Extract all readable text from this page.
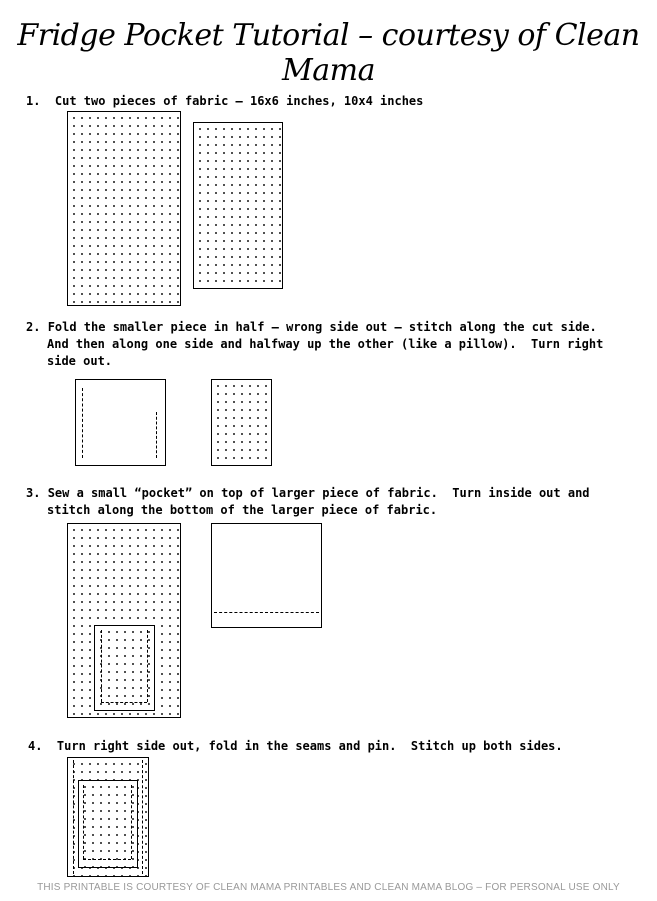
Fridge Pocket Tutorial – courtesy of Clean Mama
1. Cut two pieces of fabric – 16x6 inches, 10x4 inches
2. Fold the smaller piece in half – wrong side out – stitch along the cut side.
And then along one side and halfway up the other (like a pillow).  Turn right
side out.
3. Sew a small “pocket” on top of larger piece of fabric.  Turn inside out and
stitch along the bottom of the larger piece of fabric.
4. Turn right side out, fold in the seams and pin.  Stitch up both sides.
THIS PRINTABLE IS COURTESY OF CLEAN MAMA PRINTABLES AND CLEAN MAMA BLOG – FOR PERSONAL USE ONLY
